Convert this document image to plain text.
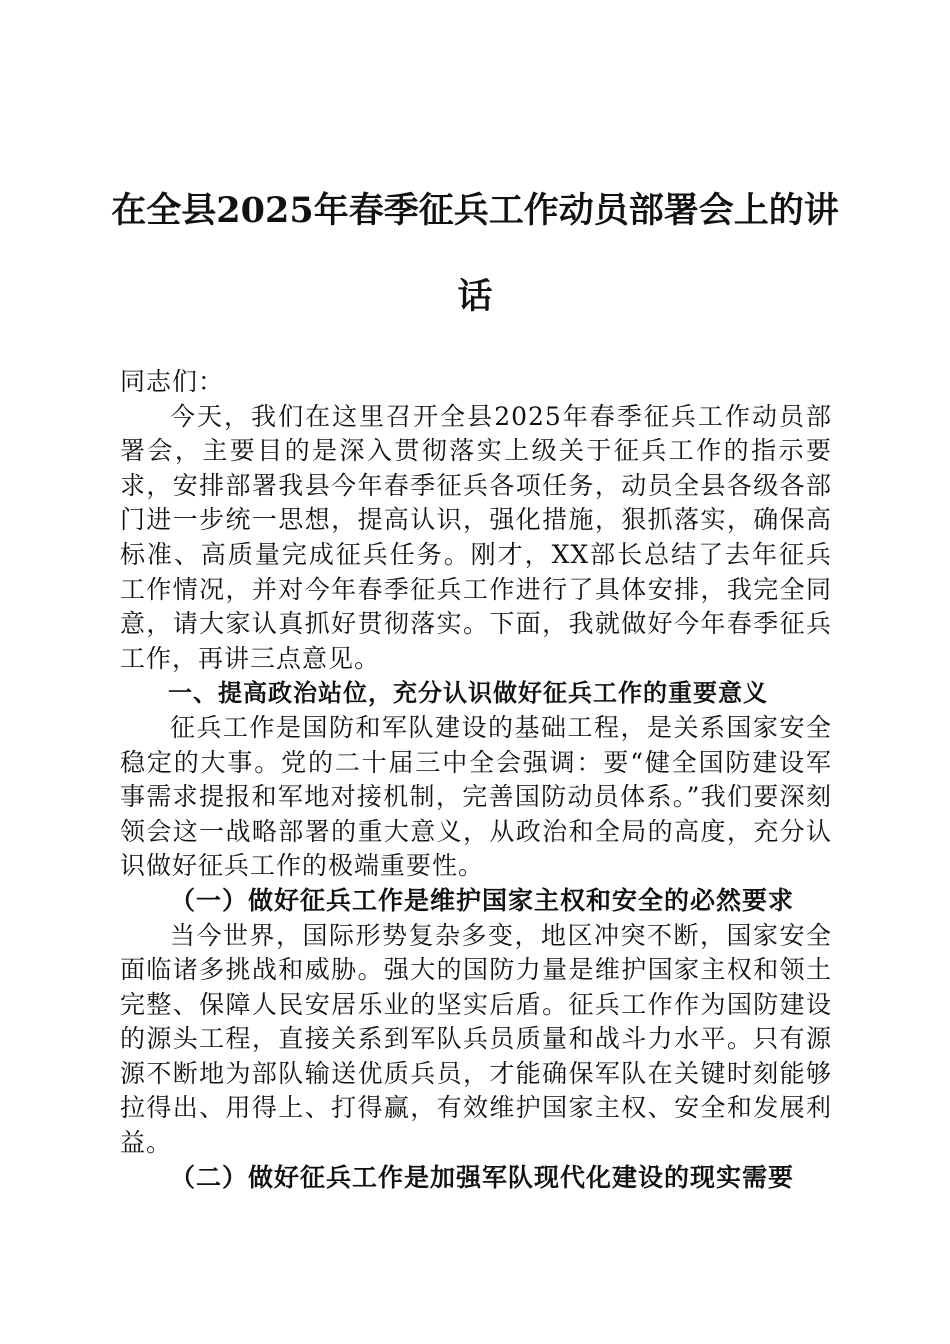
在全县2025年春季征兵工作动员部署会上的讲话

同志们：

今天，我们在这里召开全县2025年春季征兵工作动员部署会，主要目的是深入贯彻落实上级关于征兵工作的指示要求，安排部署我县今年春季征兵各项任务，动员全县各级各部门进一步统一思想，提高认识，强化措施，狠抓落实，确保高标准、高质量完成征兵任务。刚才，XX部长总结了去年征兵工作情况，并对今年春季征兵工作进行了具体安排，我完全同意，请大家认真抓好贯彻落实。下面，我就做好今年春季征兵工作，再讲三点意见。

一、提高政治站位，充分认识做好征兵工作的重要意义

征兵工作是国防和军队建设的基础工程，是关系国家安全稳定的大事。党的二十届三中全会强调：要“健全国防建设军事需求提报和军地对接机制，完善国防动员体系。”我们要深刻领会这一战略部署的重大意义，从政治和全局的高度，充分认识做好征兵工作的极端重要性。

（一）做好征兵工作是维护国家主权和安全的必然要求

当今世界，国际形势复杂多变，地区冲突不断，国家安全面临诸多挑战和威胁。强大的国防力量是维护国家主权和领土完整、保障人民安居乐业的坚实后盾。征兵工作作为国防建设的源头工程，直接关系到军队兵员质量和战斗力水平。只有源源不断地为部队输送优质兵员，才能确保军队在关键时刻能够拉得出、用得上、打得赢，有效维护国家主权、安全和发展利益。

（二）做好征兵工作是加强军队现代化建设的现实需要
